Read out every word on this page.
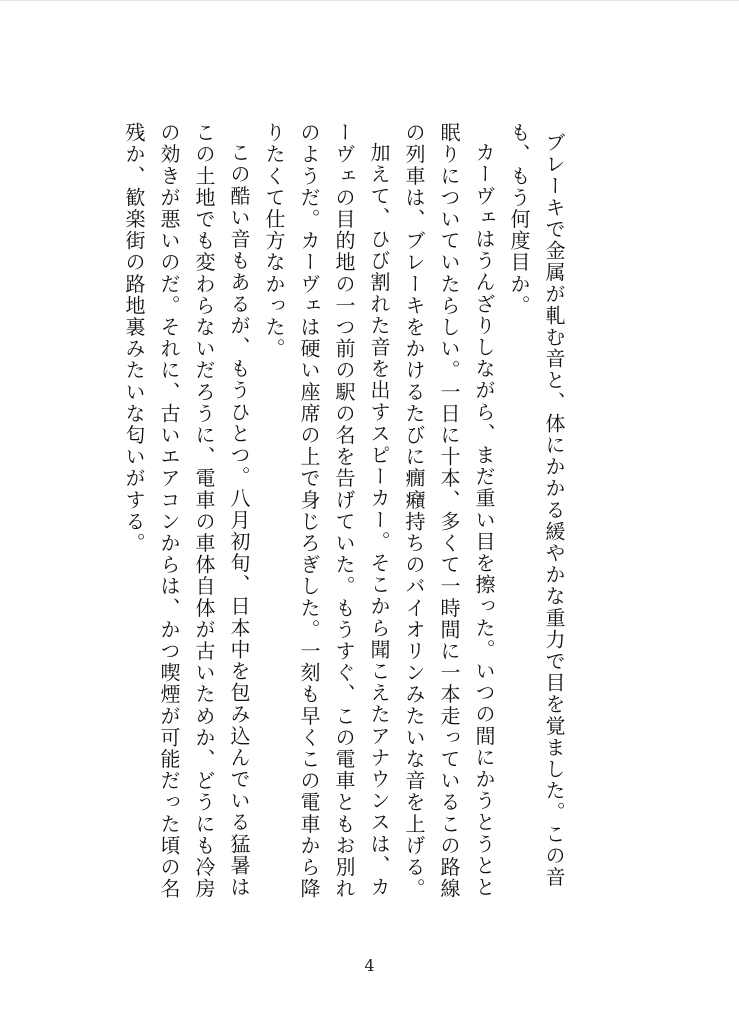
ブレーキで金属が軋む音と、体にかかる緩やかな重力で目を覚ました。この音も、もう何度目か。

カーヴェはうんざりしながら、まだ重い目を擦った。いつの間にかうとうとと眠りについていたらしい。一日に十本、多くて一時間に一本走っているこの路線の列車は、ブレーキをかけるたびに癇癪持ちのバイオリンみたいな音を上げる。

加えて、ひび割れた音を出すスピーカー。そこから聞こえたアナウンスは、カーヴェの目的地の一つ前の駅の名を告げていた。もうすぐ、この電車ともお別れのようだ。カーヴェは硬い座席の上で身じろぎした。一刻も早くこの電車から降りたくて仕方なかった。

この酷い音もあるが、もうひとつ。八月初旬、日本中を包み込んでいる猛暑はこの土地でも変わらないだろうに、電車の車体自体が古いためか、どうにも冷房の効きが悪いのだ。それに、古いエアコンからは、かつ喫煙が可能だった頃の名残か、歓楽街の路地裏みたいな匂いがする。

4
